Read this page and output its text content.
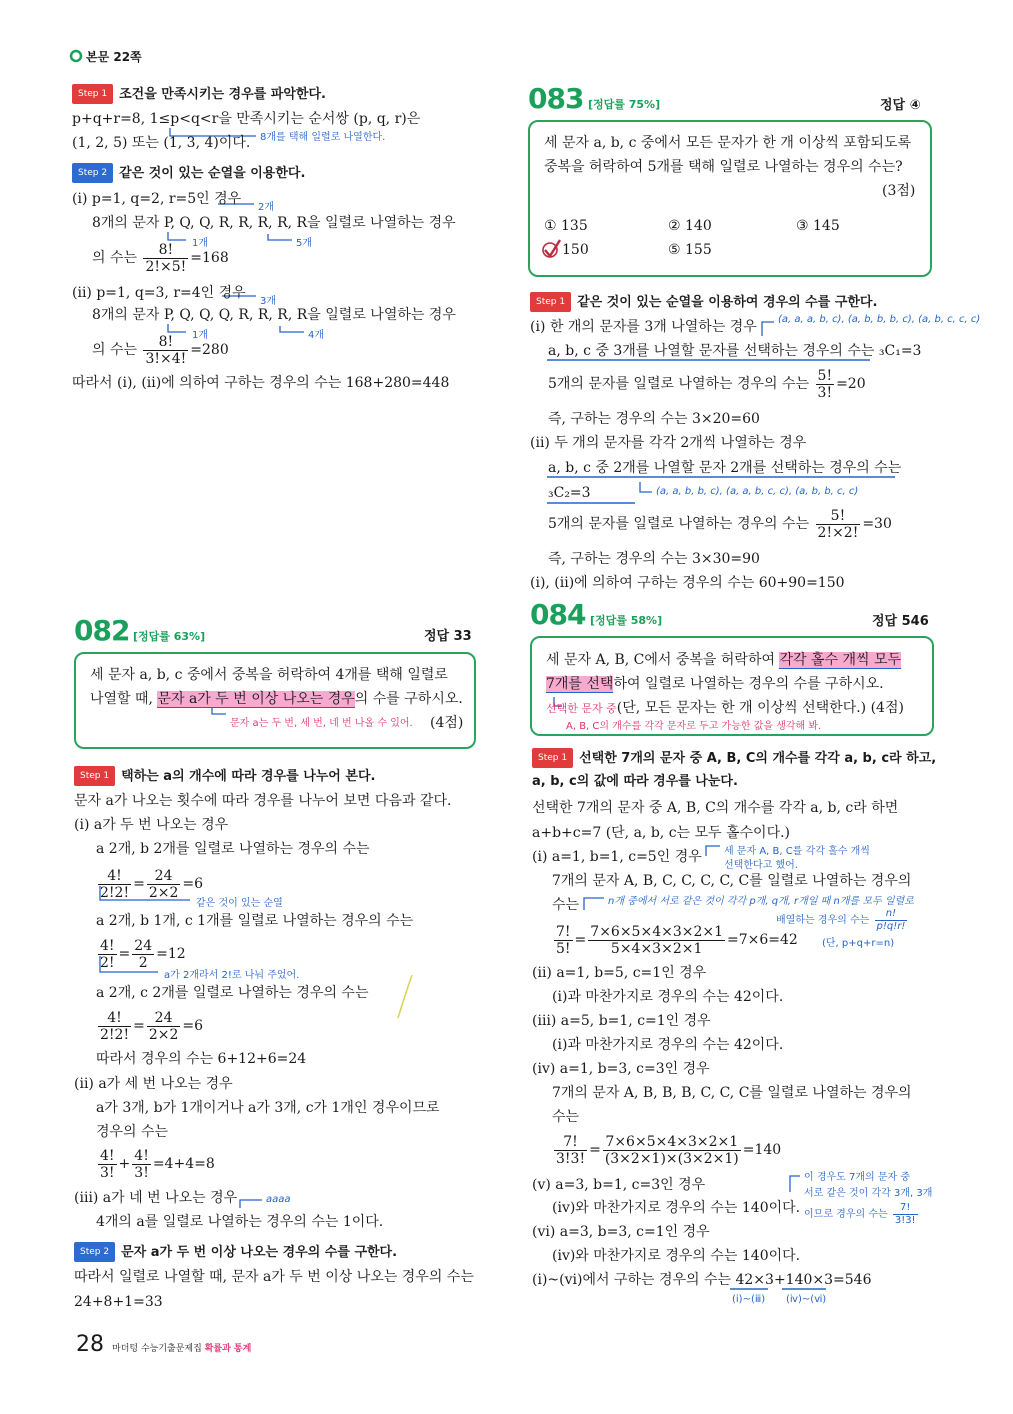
본문 22쪽
Step 1 조건을 만족시키는 경우를 파악한다.
p+q+r=8, 1≤p<q<r을 만족시키는 순서쌍 (p, q, r)은
(1, 2, 5) 또는 (1, 3, 4)이다. 8개를 택해 일렬로 나열한다.
Step 2 같은 것이 있는 순열을 이용한다.
(ⅰ) p=1, q=2, r=5인 경우
2개
8개의 문자 P, Q, Q, R, R, R, R, R을 일렬로 나열하는 경우
1개	5개
의 수는 $\frac{8!}{2!\times 5!} =168$
(ⅱ) p=1, q=3, r=4인 경우
3개
8개의 문자 P, Q, Q, Q, R, R, R, R을 일렬로 나열하는 경우
1개	4개
의 수는 $\frac{8!}{3!\times 4!} =280$
따라서 (ⅰ), (ⅱ)에 의하여 구하는 경우의 수는 168+280=448
082 [정답률 63%]	정답 33
세 문자 a, b, c 중에서 중복을 허락하여 4개를 택해 일렬로
나열할 때, 문자 a가 두 번 이상 나오는 경우의 수를 구하시오.
문자 a는 두 번, 세 번, 네 번 나올 수 있어. (4점)
Step 1 택하는 a의 개수에 따라 경우를 나누어 본다.
문자 a가 나오는 횟수에 따라 경우를 나누어 보면 다음과 같다.
(ⅰ) a가 두 번 나오는 경우
a 2개, b 2개를 일렬로 나열하는 경우의 수는
$\frac{4!}{2!2!} = \frac{24}{2\times 2} =6$
같은 것이 있는 순열
a 2개, b 1개, c 1개를 일렬로 나열하는 경우의 수는
$\frac{4!}{2!} = \frac{24}{2} =12$
a가 2개라서 2!로 나눠 주었어.
a 2개, c 2개를 일렬로 나열하는 경우의 수는
$\frac{4!}{2!2!} = \frac{24}{2\times 2} =6$
따라서 경우의 수는 6+12+6=24
(ⅱ) a가 세 번 나오는 경우
a가 3개, b가 1개이거나 a가 3개, c가 1개인 경우이므로
경우의 수는
$\frac{4!}{3!} + \frac{4!}{3!} =4+4=8$
(ⅲ) a가 네 번 나오는 경우	aaaa
4개의 a를 일렬로 나열하는 경우의 수는 1이다.
Step 2 문자 a가 두 번 이상 나오는 경우의 수를 구한다.
따라서 일렬로 나열할 때, 문자 a가 두 번 이상 나오는 경우의 수는
24+8+1=33
083 [정답률 75%]	정답 ④
세 문자 a, b, c 중에서 모든 문자가 한 개 이상씩 포함되도록
중복을 허락하여 5개를 택해 일렬로 나열하는 경우의 수는?
(3점)
① 135	② 140	③ 145
150	⑤ 155
Step 1 같은 것이 있는 순열을 이용하여 경우의 수를 구한다.
(ⅰ) 한 개의 문자를 3개 나열하는 경우 (a, a, a, b, c), (a, b, b, b, c), (a, b, c, c, c)
a, b, c 중 3개를 나열할 문자를 선택하는 경우의 수는 ₃C₁=3
5개의 문자를 일렬로 나열하는 경우의 수는 $\frac{5!}{3!} =20$
즉, 구하는 경우의 수는 3×20=60
(ⅱ) 두 개의 문자를 각각 2개씩 나열하는 경우
a, b, c 중 2개를 나열할 문자 2개를 선택하는 경우의 수는
₃C₂=3	(a, a, b, b, c), (a, a, b, c, c), (a, b, b, c, c)
5개의 문자를 일렬로 나열하는 경우의 수는 $\frac{5!}{2!\times 2!} =30$
즉, 구하는 경우의 수는 3×30=90
(ⅰ), (ⅱ)에 의하여 구하는 경우의 수는 60+90=150
084 [정답률 58%]	정답 546
세 문자 A, B, C에서 중복을 허락하여 각각 홀수 개씩 모두
7개를 선택하여 일렬로 나열하는 경우의 수를 구하시오.
선택한 문자 중(단, 모든 문자는 한 개 이상씩 선택한다.) (4점)
A, B, C의 개수를 각각 문자로 두고 가능한 값을 생각해 봐.
Step 1 선택한 7개의 문자 중 A, B, C의 개수를 각각 a, b, c라 하고,
a, b, c의 값에 따라 경우를 나눈다.
선택한 7개의 문자 중 A, B, C의 개수를 각각 a, b, c라 하면
a+b+c=7 (단, a, b, c는 모두 홀수이다.)
(ⅰ) a=1, b=1, c=5인 경우 세 문자 A, B, C를 각각 홀수 개씩
선택한다고 했어.
7개의 문자 A, B, C, C, C, C, C를 일렬로 나열하는 경우의
수는	n개 중에서 서로 같은 것이 각각 p개, q개, r개일 때 n개를 모두 일렬로
배열하는 경우의 수는 $\frac{n!}{p!q!r!}$
(단, p+q+r=n)
$\frac{7!}{5!} = \frac{7\times 6\times 5\times 4\times 3\times 2\times 1}{5\times 4\times 3\times 2\times 1} =7\times 6=42$
(ⅱ) a=1, b=5, c=1인 경우
(ⅰ)과 마찬가지로 경우의 수는 42이다.
(ⅲ) a=5, b=1, c=1인 경우
(ⅰ)과 마찬가지로 경우의 수는 42이다.
(ⅳ) a=1, b=3, c=3인 경우
7개의 문자 A, B, B, B, C, C, C를 일렬로 나열하는 경우의
수는
$\frac{7!}{3!3!} = \frac{7\times 6\times 5\times 4\times 3\times 2\times 1}{(3\times 2\times 1)\times(3\times 2\times 1)} =140$
(ⅴ) a=3, b=1, c=3인 경우	이 경우도 7개의 문자 중
서로 같은 것이 각각 3개, 3개
이므로 경우의 수는 $\frac{7!}{3!3!}$
(ⅳ)와 마찬가지로 경우의 수는 140이다.
(ⅵ) a=3, b=3, c=1인 경우
(ⅳ)와 마찬가지로 경우의 수는 140이다.
(ⅰ)~(ⅵ)에서 구하는 경우의 수는 42×3+140×3=546
(ⅰ)~(ⅲ) (ⅳ)~(ⅵ)
28 마더텅 수능기출문제집 확률과 통계
